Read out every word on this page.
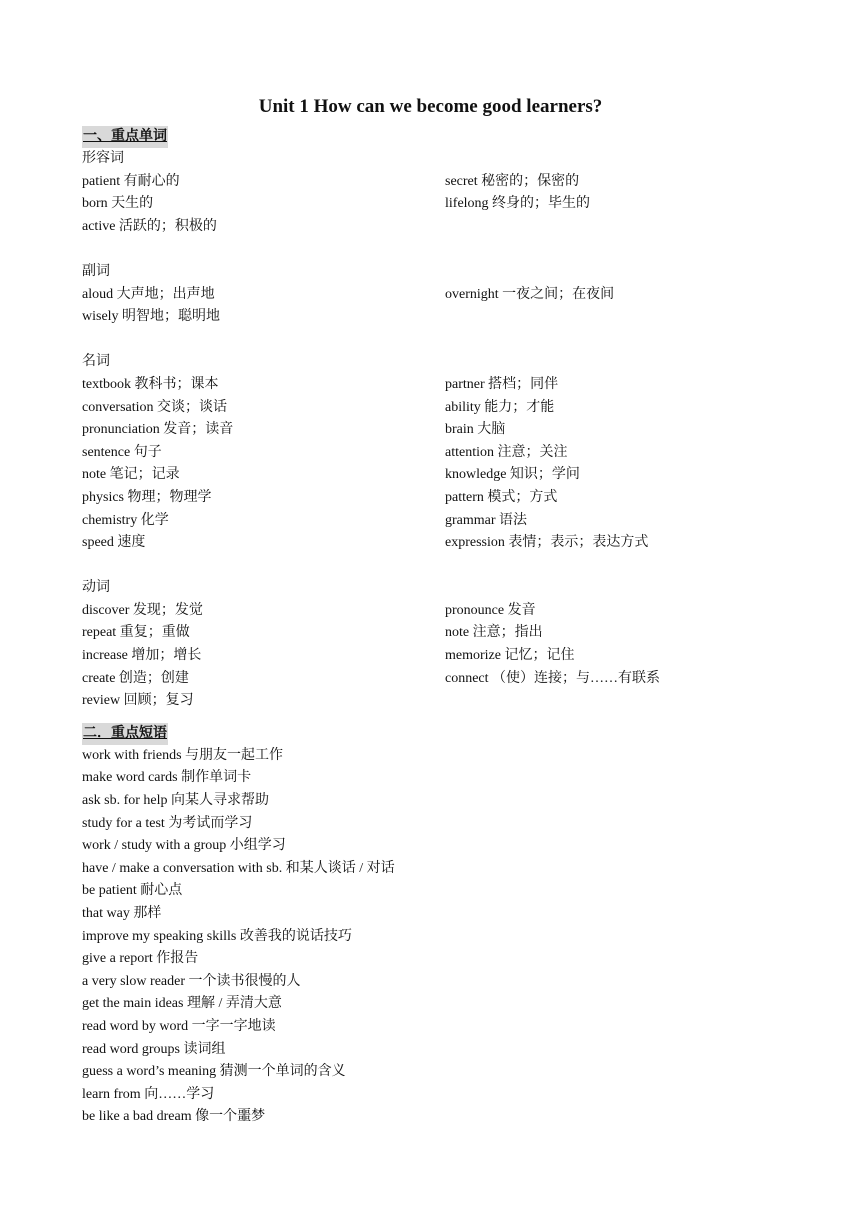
Unit 1 How can we become good learners?
一、重点单词
形容词
patient 有耐心的	secret 秘密的；保密的
born 天生的	lifelong 终身的；毕生的
active 活跃的；积极的
副词
aloud 大声地；出声地	overnight 一夜之间；在夜间
wisely 明智地；聪明地
名词
textbook 教科书；课本	partner 搭档；同伴
conversation 交谈；谈话	ability 能力；才能
pronunciation 发音；读音	brain 大脑
sentence 句子	attention 注意；关注
note 笔记；记录	knowledge 知识；学问
physics 物理；物理学	pattern 模式；方式
chemistry 化学	grammar 语法
speed 速度	expression 表情；表示；表达方式
动词
discover 发现；发觉	pronounce 发音
repeat 重复；重做	note 注意；指出
increase 增加；增长	memorize 记忆；记住
create 创造；创建	connect （使）连接；与……有联系
review 回顾；复习
二．重点短语
work with friends 与朋友一起工作
make word cards 制作单词卡
ask sb. for help 向某人寻求帮助
study for a test 为考试而学习
work / study with a group 小组学习
have / make a conversation with sb. 和某人谈话 / 对话
be patient 耐心点
that way 那样
improve my speaking skills 改善我的说话技巧
give a report 作报告
a very slow reader 一个读书很慢的人
get the main ideas 理解 / 弄清大意
read word by word 一字一字地读
read word groups 读词组
guess a word’s meaning 猜测一个单词的含义
learn from 向……学习
be like a bad dream 像一个噩梦
